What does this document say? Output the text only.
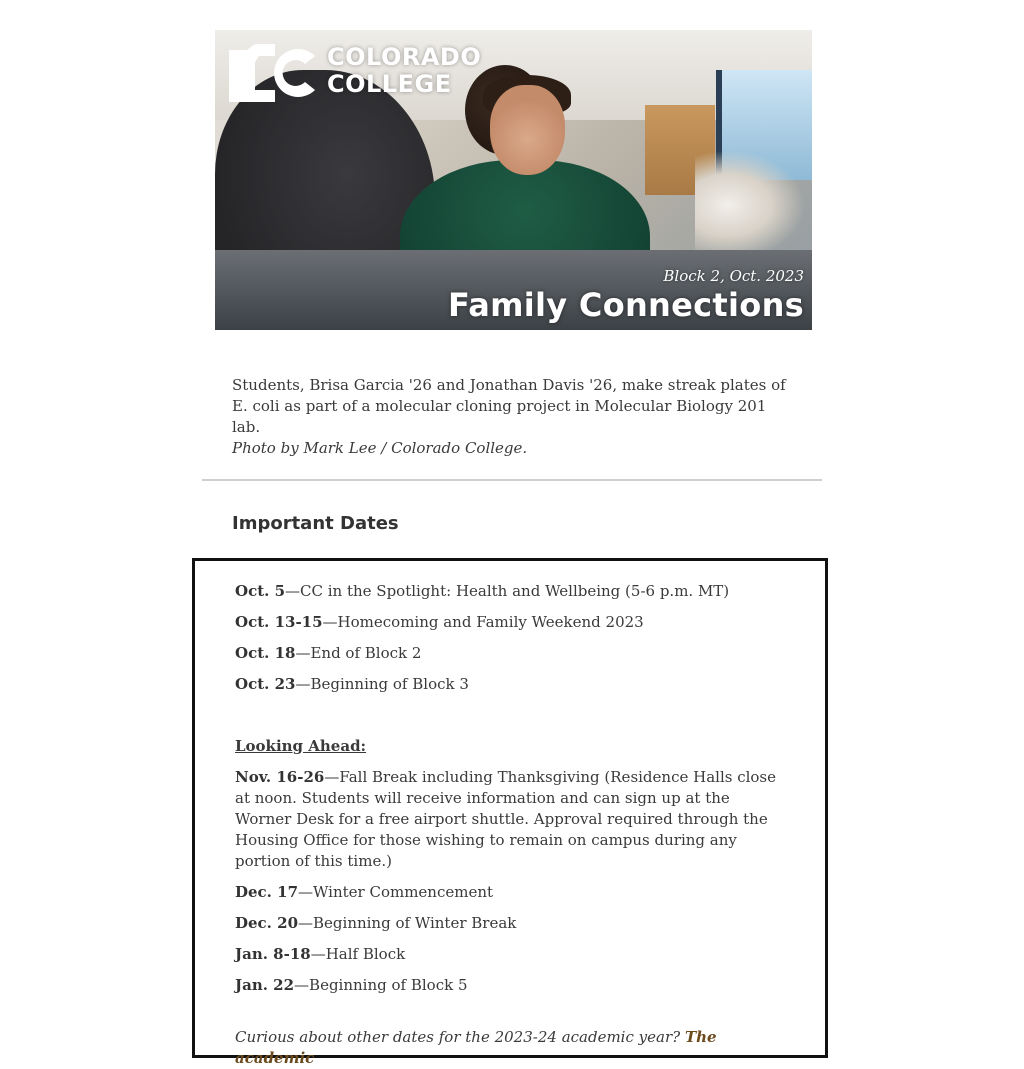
COLORADO
COLLEGE
Block 2, Oct. 2023
Family Connections
Students, Brisa Garcia '26 and Jonathan Davis '26, make streak plates of E. coli as part of a molecular cloning project in Molecular Biology 201 lab.
Photo by Mark Lee / Colorado College.
Important Dates
Oct. 5—CC in the Spotlight: Health and Wellbeing (5-6 p.m. MT)
Oct. 13-15—Homecoming and Family Weekend 2023
Oct. 18—End of Block 2
Oct. 23—Beginning of Block 3
Looking Ahead:
Nov. 16-26—Fall Break including Thanksgiving (Residence Halls close at noon. Students will receive information and can sign up at the Worner Desk for a free airport shuttle. Approval required through the Housing Office for those wishing to remain on campus during any portion of this time.)
Dec. 17—Winter Commencement
Dec. 20—Beginning of Winter Break
Jan. 8-18—Half Block
Jan. 22—Beginning of Block 5
Curious about other dates for the 2023-24 academic year? The academic
